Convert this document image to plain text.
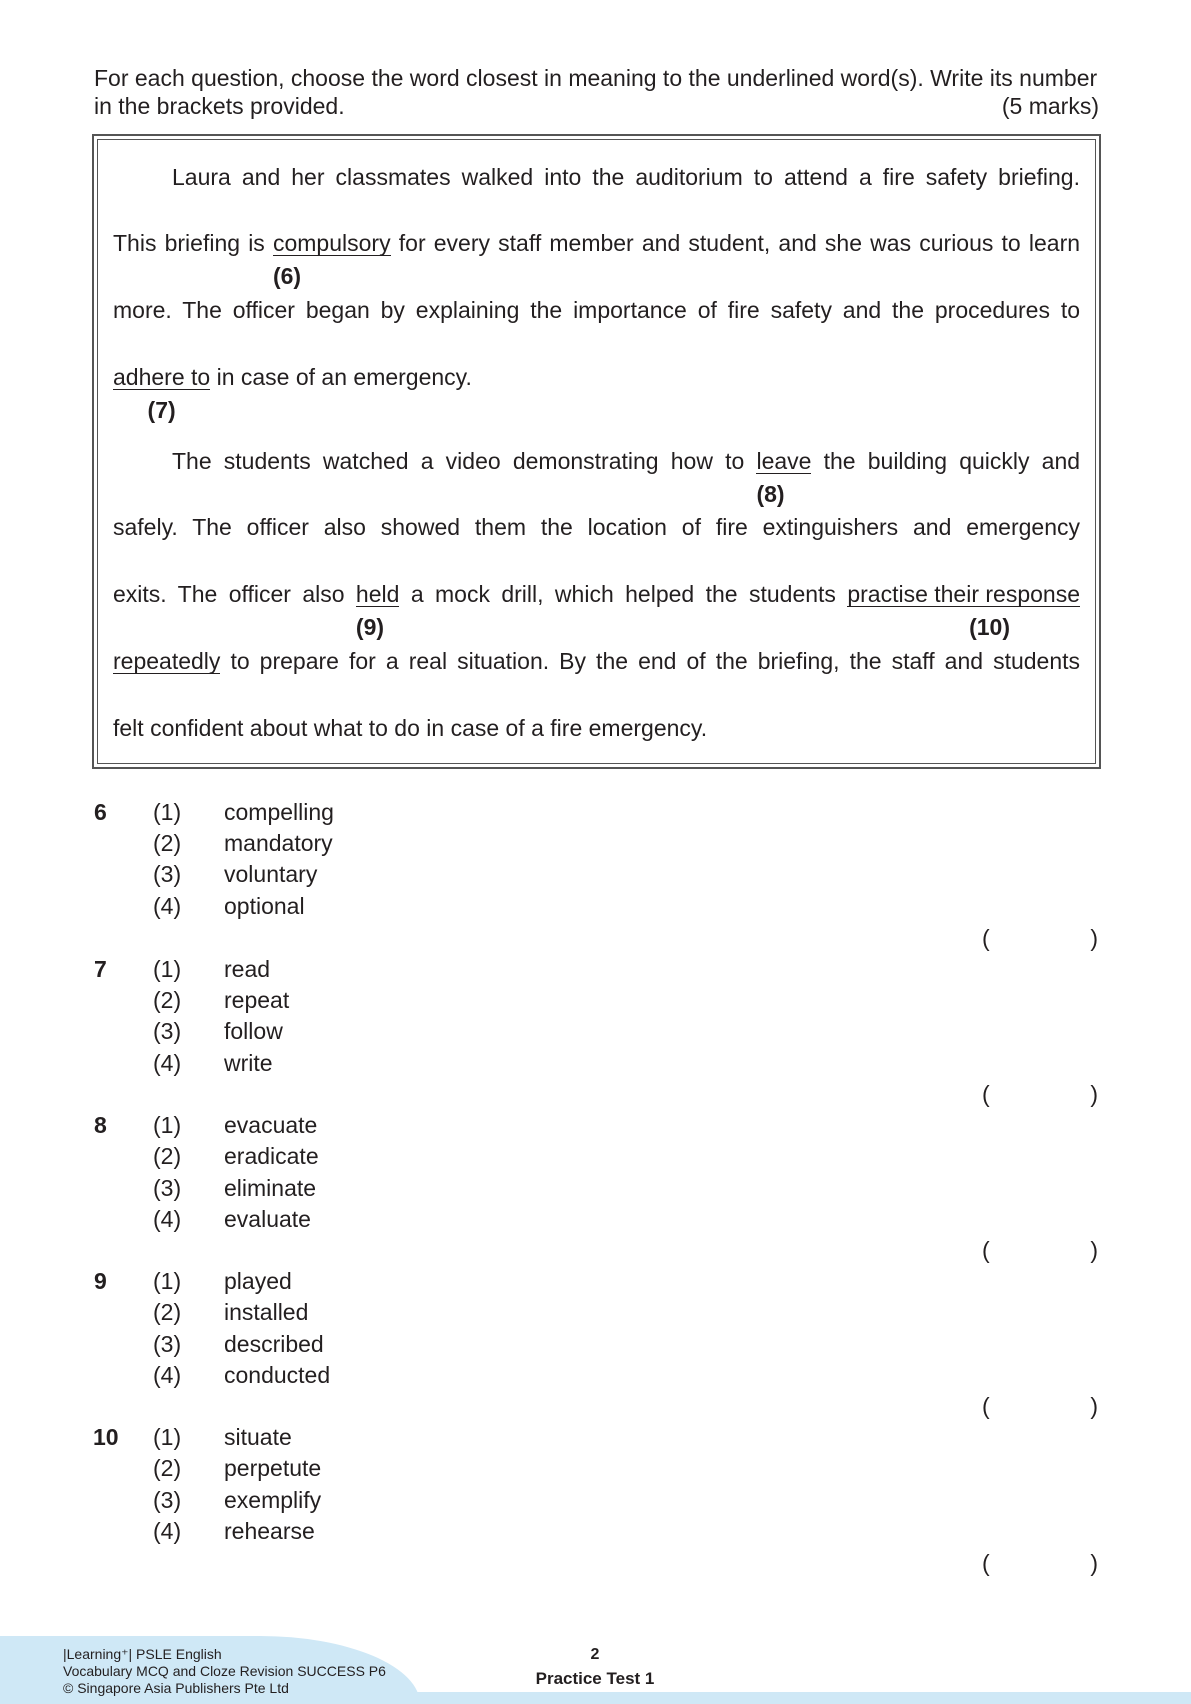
For each question, choose the word closest in meaning to the underlined word(s). Write its number
in the brackets provided.	(5 marks)
Laura and her classmates walked into the auditorium to attend a fire safety briefing.
This briefing is compulsory
(6)
for every staff member and student, and she was curious to learn
more. The officer began by explaining the importance of fire safety and the procedures to
adhere to
(7)
in case of an emergency.
The students watched a video demonstrating how to leave
(8)
the building quickly and
safely. The officer also showed them the location of fire extinguishers and emergency
exits. The officer also held
(9)
a mock drill, which helped the students practise their response
(10)
repeatedly to prepare for a real situation. By the end of the briefing, the staff and students
felt confident about what to do in case of a fire emergency.
6 (1) compelling
(2) mandatory
(3) voluntary
(4) optional
(	)
7 (1) read
(2) repeat
(3) follow
(4) write
(	)
8 (1) evacuate
(2) eradicate
(3) eliminate
(4) evaluate
(	)
9 (1) played
(2) installed
(3) described
(4) conducted
(	)
10 (1) situate
(2) perpetute
(3) exemplify
(4) rehearse
(	)
|Learning⁺| PSLE English
Vocabulary MCQ and Cloze Revision SUCCESS P6
© Singapore Asia Publishers Pte Ltd
2
Practice Test 1
